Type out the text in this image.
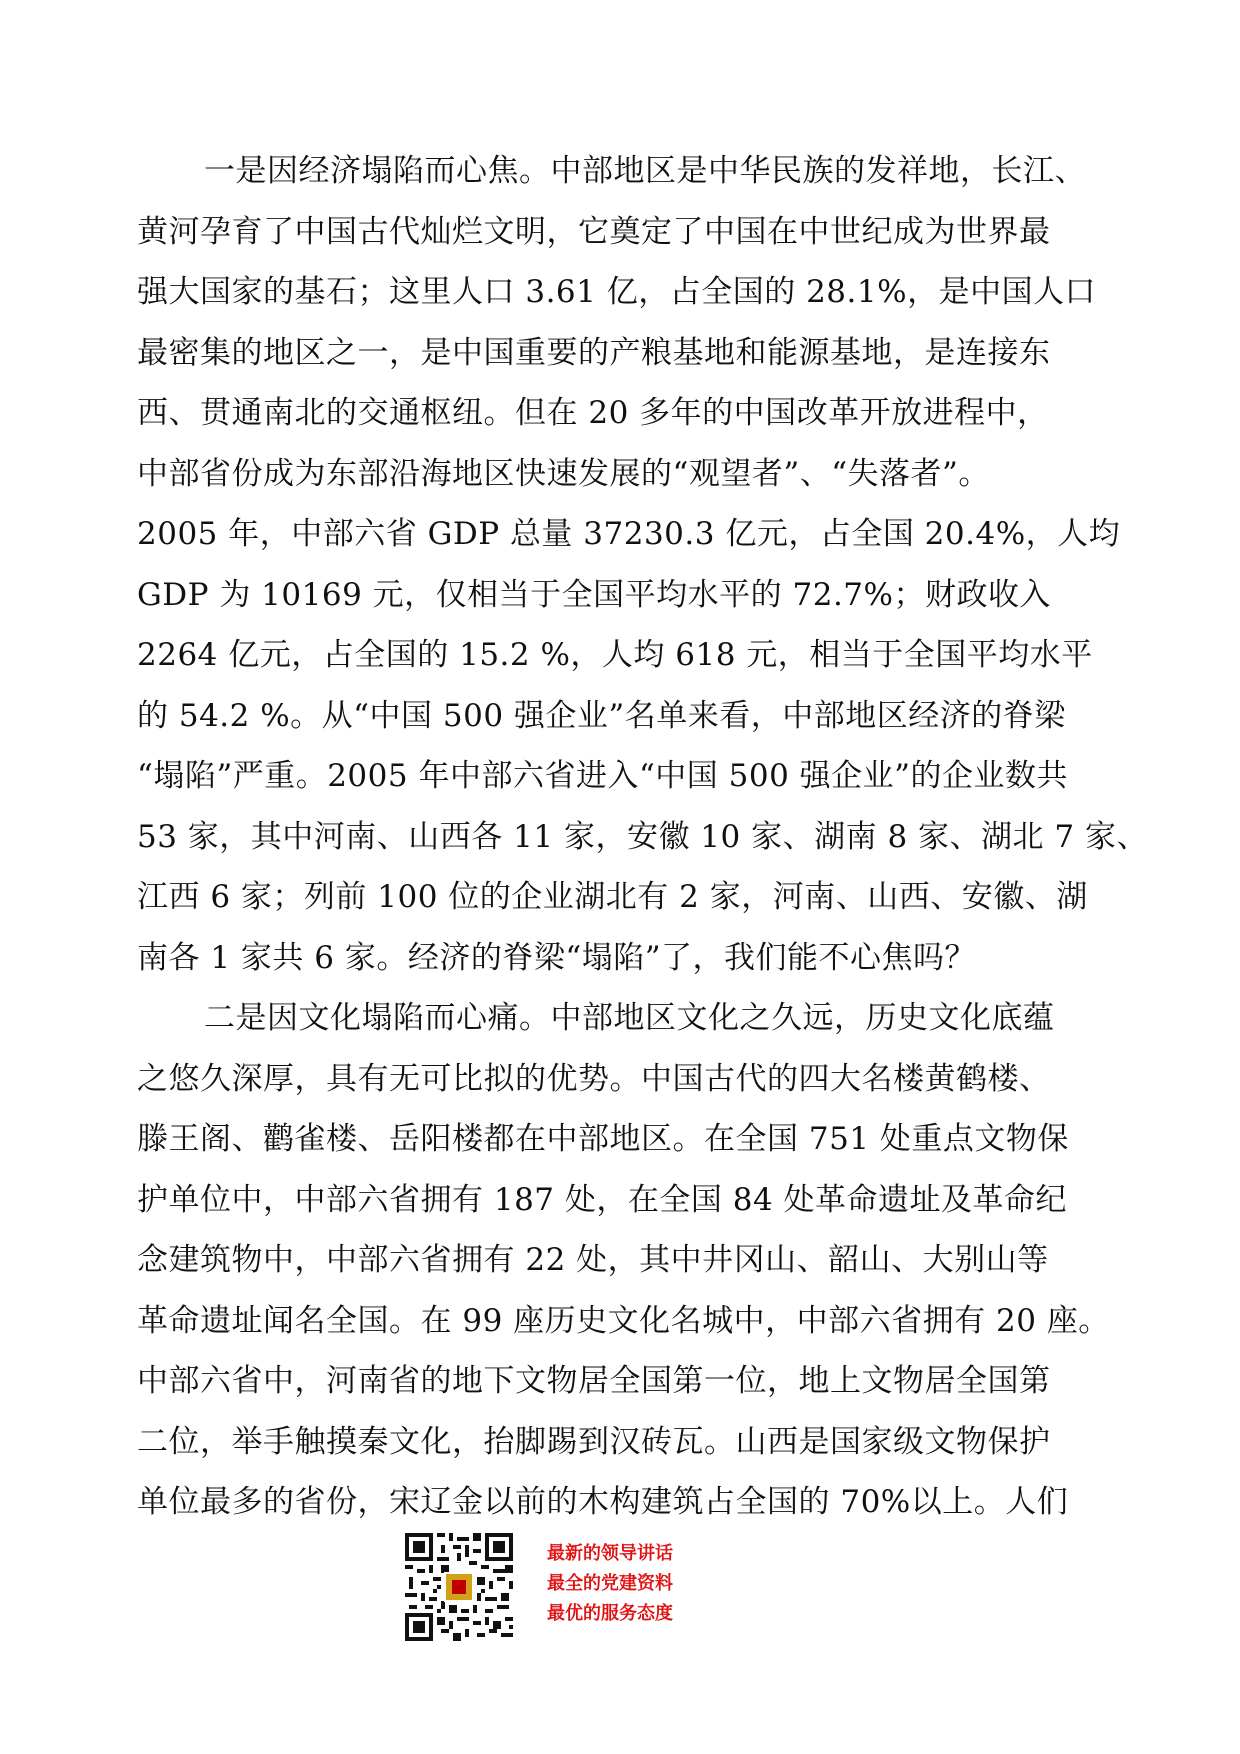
一是因经济塌陷而心焦。中部地区是中华民族的发祥地，长江、
黄河孕育了中国古代灿烂文明，它奠定了中国在中世纪成为世界最
强大国家的基石；这里人口 3.61 亿，占全国的 28.1%，是中国人口
最密集的地区之一，是中国重要的产粮基地和能源基地，是连接东
西、贯通南北的交通枢纽。但在 20 多年的中国改革开放进程中，
中部省份成为东部沿海地区快速发展的“观望者”、“失落者”。
2005 年，中部六省 GDP 总量 37230.3 亿元，占全国 20.4%，人均
GDP 为 10169 元，仅相当于全国平均水平的 72.7%；财政收入
2264 亿元，占全国的 15.2 %，人均 618 元，相当于全国平均水平
的 54.2 %。从“中国 500 强企业”名单来看，中部地区经济的脊梁
“塌陷”严重。2005 年中部六省进入“中国 500 强企业”的企业数共
53 家，其中河南、山西各 11 家，安徽 10 家、湖南 8 家、湖北 7 家、
江西 6 家；列前 100 位的企业湖北有 2 家，河南、山西、安徽、湖
南各 1 家共 6 家。经济的脊梁“塌陷”了，我们能不心焦吗？
二是因文化塌陷而心痛。中部地区文化之久远，历史文化底蕴
之悠久深厚，具有无可比拟的优势。中国古代的四大名楼黄鹤楼、
滕王阁、鹳雀楼、岳阳楼都在中部地区。在全国 751 处重点文物保
护单位中，中部六省拥有 187 处，在全国 84 处革命遗址及革命纪
念建筑物中，中部六省拥有 22 处，其中井冈山、韶山、大别山等
革命遗址闻名全国。在 99 座历史文化名城中，中部六省拥有 20 座。
中部六省中，河南省的地下文物居全国第一位，地上文物居全国第
二位，举手触摸秦文化，抬脚踢到汉砖瓦。山西是国家级文物保护
单位最多的省份，宋辽金以前的木构建筑占全国的 70%以上。人们
最新的领导讲话
最全的党建资料
最优的服务态度
